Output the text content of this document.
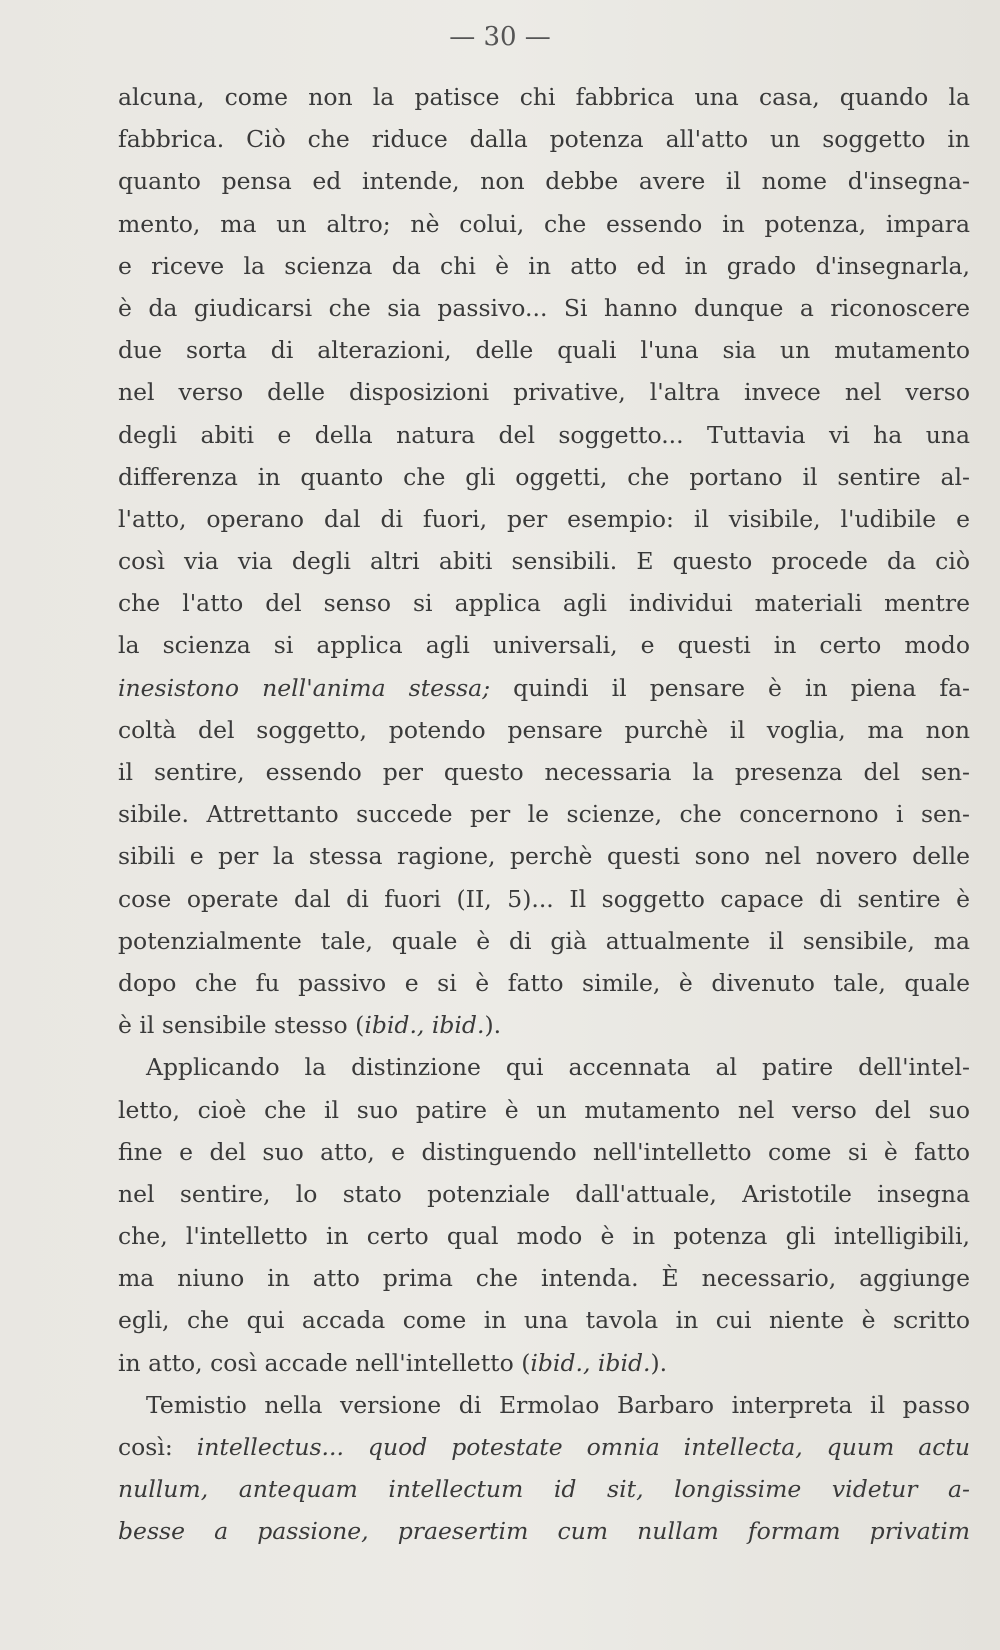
— 30 —
alcuna, come non la patisce chi fabbrica una casa, quando la
fabbrica. Ciò che riduce dalla potenza all'atto un soggetto in
quanto pensa ed intende, non debbe avere il nome d'insegna-
mento, ma un altro; nè colui, che essendo in potenza, impara
e riceve la scienza da chi è in atto ed in grado d'insegnarla,
è da giudicarsi che sia passivo... Si hanno dunque a riconoscere
due sorta di alterazioni, delle quali l'una sia un mutamento
nel verso delle disposizioni privative, l'altra invece nel verso
degli abiti e della natura del soggetto... Tuttavia vi ha una
differenza in quanto che gli oggetti, che portano il sentire al-
l'atto, operano dal di fuori, per esempio: il visibile, l'udibile e
così via via degli altri abiti sensibili. E questo procede da ciò
che l'atto del senso si applica agli individui materiali mentre
la scienza si applica agli universali, e questi in certo modo
inesistono nell'anima stessa; quindi il pensare è in piena fa-
coltà del soggetto, potendo pensare purchè il voglia, ma non
il sentire, essendo per questo necessaria la presenza del sen-
sibile. Attrettanto succede per le scienze, che concernono i sen-
sibili e per la stessa ragione, perchè questi sono nel novero delle
cose operate dal di fuori (II, 5)... Il soggetto capace di sentire è
potenzialmente tale, quale è di già attualmente il sensibile, ma
dopo che fu passivo e si è fatto simile, è divenuto tale, quale
è il sensibile stesso (ibid., ibid.).
Applicando la distinzione qui accennata al patire dell'intel-
letto, cioè che il suo patire è un mutamento nel verso del suo
fine e del suo atto, e distinguendo nell'intelletto come si è fatto
nel sentire, lo stato potenziale dall'attuale, Aristotile insegna
che, l'intelletto in certo qual modo è in potenza gli intelligibili,
ma niuno in atto prima che intenda. È necessario, aggiunge
egli, che qui accada come in una tavola in cui niente è scritto
in atto, così accade nell'intelletto (ibid., ibid.).
Temistio nella versione di Ermolao Barbaro interpreta il passo
così: intellectus... quod potestate omnia intellecta, quum actu
nullum, antequam intellectum id sit, longissime videtur a-
besse a passione, praesertim cum nullam formam privatim
